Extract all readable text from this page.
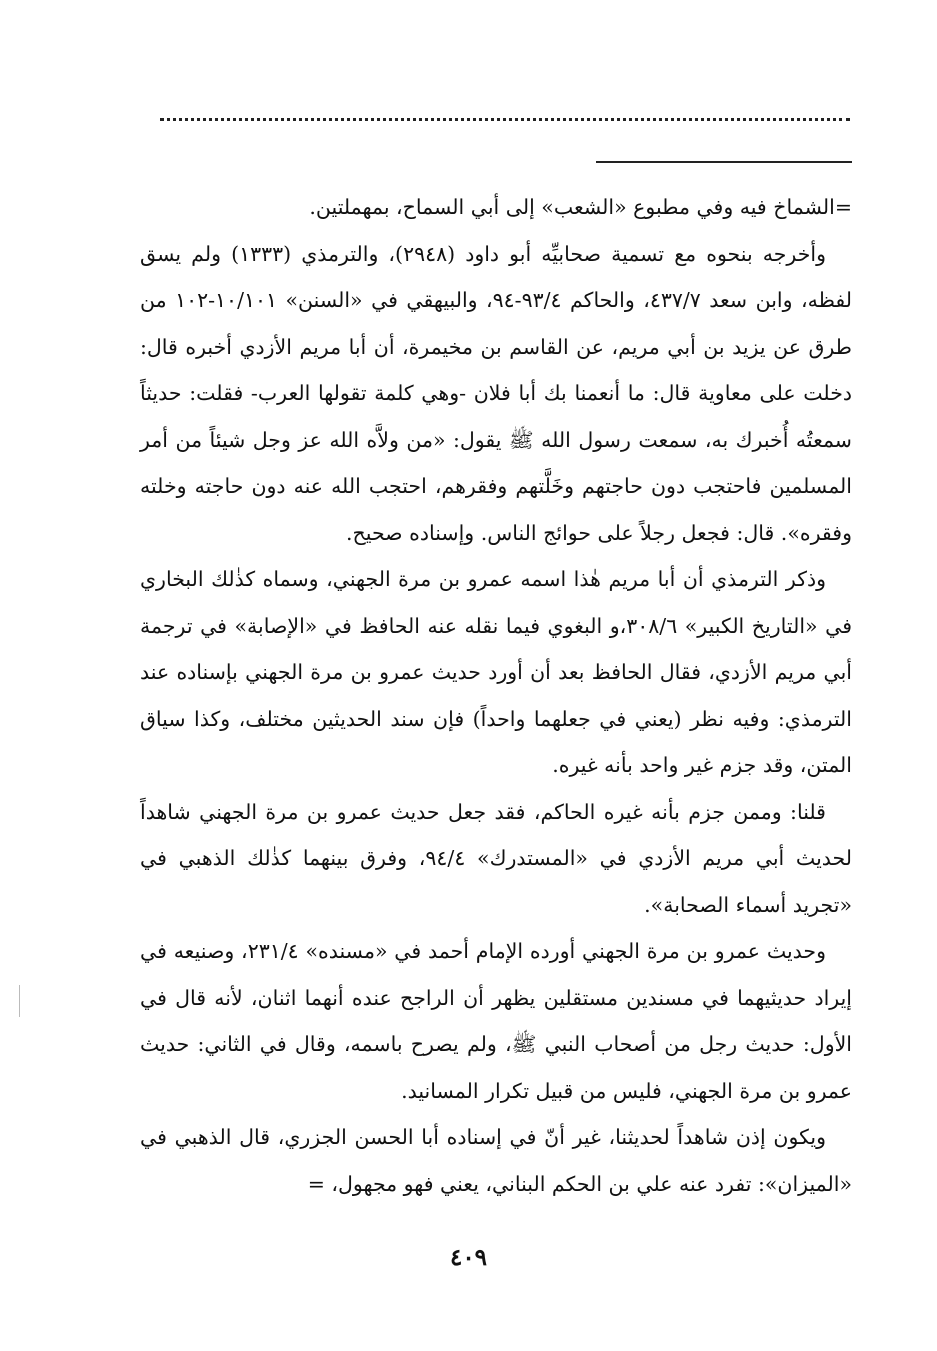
=الشماخ فيه وفي مطبوع «الشعب» إلى أبي السماح، بمهملتين.

وأخرجه بنحوه مع تسمية صحابيِّه أبو داود (٢٩٤٨)، والترمذي (١٣٣٣) ولم يسق لفظه، وابن سعد ٤٣٧/٧، والحاكم ٩٣/٤-٩٤، والبيهقي في «السنن» ١٠/١٠١-١٠٢ من طرق عن يزيد بن أبي مريم، عن القاسم بن مخيمرة، أن أبا مريم الأزدي أخبره قال: دخلت على معاوية قال: ما أنعمنا بك أبا فلان -وهي كلمة تقولها العرب- فقلت: حديثاً سمعتُه أُخبرك به، سمعت رسول الله ﷺ يقول: «من ولاَّه الله عز وجل شيئاً من أمر المسلمين فاحتجب دون حاجتهم وخَلَّتهم وفقرهم، احتجب الله عنه دون حاجته وخلته وفقره». قال: فجعل رجلاً على حوائج الناس. وإسناده صحيح.

وذكر الترمذي أن أبا مريم هٰذا اسمه عمرو بن مرة الجهني، وسماه كذٰلك البخاري في «التاريخ الكبير» ٣٠٨/٦،و البغوي فيما نقله عنه الحافظ في «الإصابة» في ترجمة أبي مريم الأزدي، فقال الحافظ بعد أن أورد حديث عمرو بن مرة الجهني بإسناده عند الترمذي: وفيه نظر (يعني في جعلهما واحداً) فإن سند الحديثين مختلف، وكذا سياق المتن، وقد جزم غير واحد بأنه غيره.

قلنا: وممن جزم بأنه غيره الحاكم، فقد جعل حديث عمرو بن مرة الجهني شاهداً لحديث أبي مريم الأزدي في «المستدرك» ٩٤/٤، وفرق بينهما كذٰلك الذهبي في «تجريد أسماء الصحابة».

وحديث عمرو بن مرة الجهني أورده الإمام أحمد في «مسنده» ٢٣١/٤، وصنيعه في إيراد حديثيهما في مسندين مستقلين يظهر أن الراجح عنده أنهما اثنان، لأنه قال في الأول: حديث رجل من أصحاب النبي ﷺ، ولم يصرح باسمه، وقال في الثاني: حديث عمرو بن مرة الجهني، فليس من قبيل تكرار المسانيد.

ويكون إذن شاهداً لحديثنا، غير أنّ في إسناده أبا الحسن الجزري، قال الذهبي في «الميزان»: تفرد عنه علي بن الحكم البناني، يعني فهو مجهول، =

٤٠٩
